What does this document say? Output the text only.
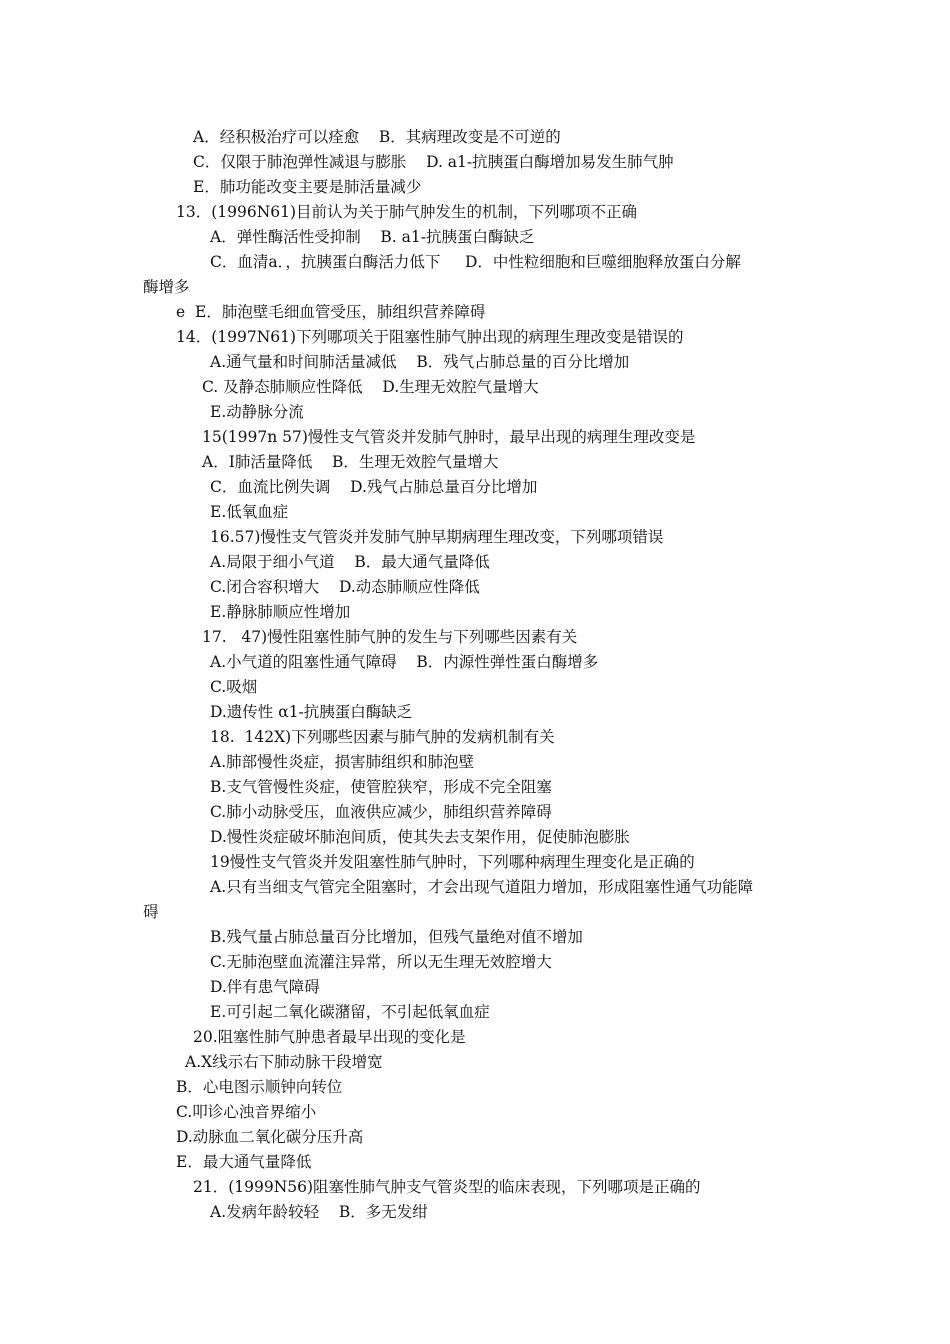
A．经积极治疗可以痊愈    B．其病理改变是不可逆的
C．仅限于肺泡弹性减退与膨胀    D. a1-抗胰蛋白酶增加易发生肺气肿
E．肺功能改变主要是肺活量减少
13．(1996N61)目前认为关于肺气肿发生的机制，下列哪项不正确
A．弹性酶活性受抑制    B. a1-抗胰蛋白酶缺乏
C．血清a．，抗胰蛋白酶活力低下     D．中性粒细胞和巨噬细胞释放蛋白分解
酶增多
e  E．肺泡壁毛细血管受压，肺组织营养障碍
14．(1997N61)下列哪项关于阻塞性肺气肿出现的病理生理改变是错误的
A.通气量和时间肺活量减低    B．残气占肺总量的百分比增加
C. 及静态肺顺应性降低    D.生理无效腔气量增大
E.动静脉分流
15(1997n 57)慢性支气管炎并发肺气肿时，最早出现的病理生理改变是
A．I肺活量降低    B．生理无效腔气量增大
C．血流比例失调    D.残气占肺总量百分比增加
E.低氧血症
16.57)慢性支气管炎并发肺气肿早期病理生理改变，下列哪项错误
A.局限于细小气道    B．最大通气量降低
C.闭合容积增大    D.动态肺顺应性降低
E.静脉肺顺应性增加
17.   47)慢性阻塞性肺气肿的发生与下列哪些因素有关
A.小气道的阻塞性通气障碍    B．内源性弹性蛋白酶增多
C.吸烟
D.遗传性 α1-抗胰蛋白酶缺乏
18.  142X)下列哪些因素与肺气肿的发病机制有关
A.肺部慢性炎症，损害肺组织和肺泡壁
B.支气管慢性炎症，使管腔狭窄，形成不完全阻塞
C.肺小动脉受压，血液供应减少，肺组织营养障碍
D.慢性炎症破坏肺泡间质，使其失去支架作用，促使肺泡膨胀
19慢性支气管炎并发阻塞性肺气肿时，下列哪种病理生理变化是正确的
A.只有当细支气管完全阻塞时，才会出现气道阻力增加，形成阻塞性通气功能障
碍
B.残气量占肺总量百分比增加，但残气量绝对值不增加
C.无肺泡壁血流灌注异常，所以无生理无效腔增大
D.伴有患气障碍
E.可引起二氧化碳潴留，不引起低氧血症
20.阻塞性肺气肿患者最早出现的变化是
A.X线示右下肺动脉干段增宽
B．心电图示顺钟向转位
C.叩诊心浊音界缩小
D.动脉血二氧化碳分压升高
E．最大通气量降低
21．(1999N56)阻塞性肺气肿支气管炎型的临床表现，下列哪项是正确的
A.发病年龄较轻    B．多无发绀
